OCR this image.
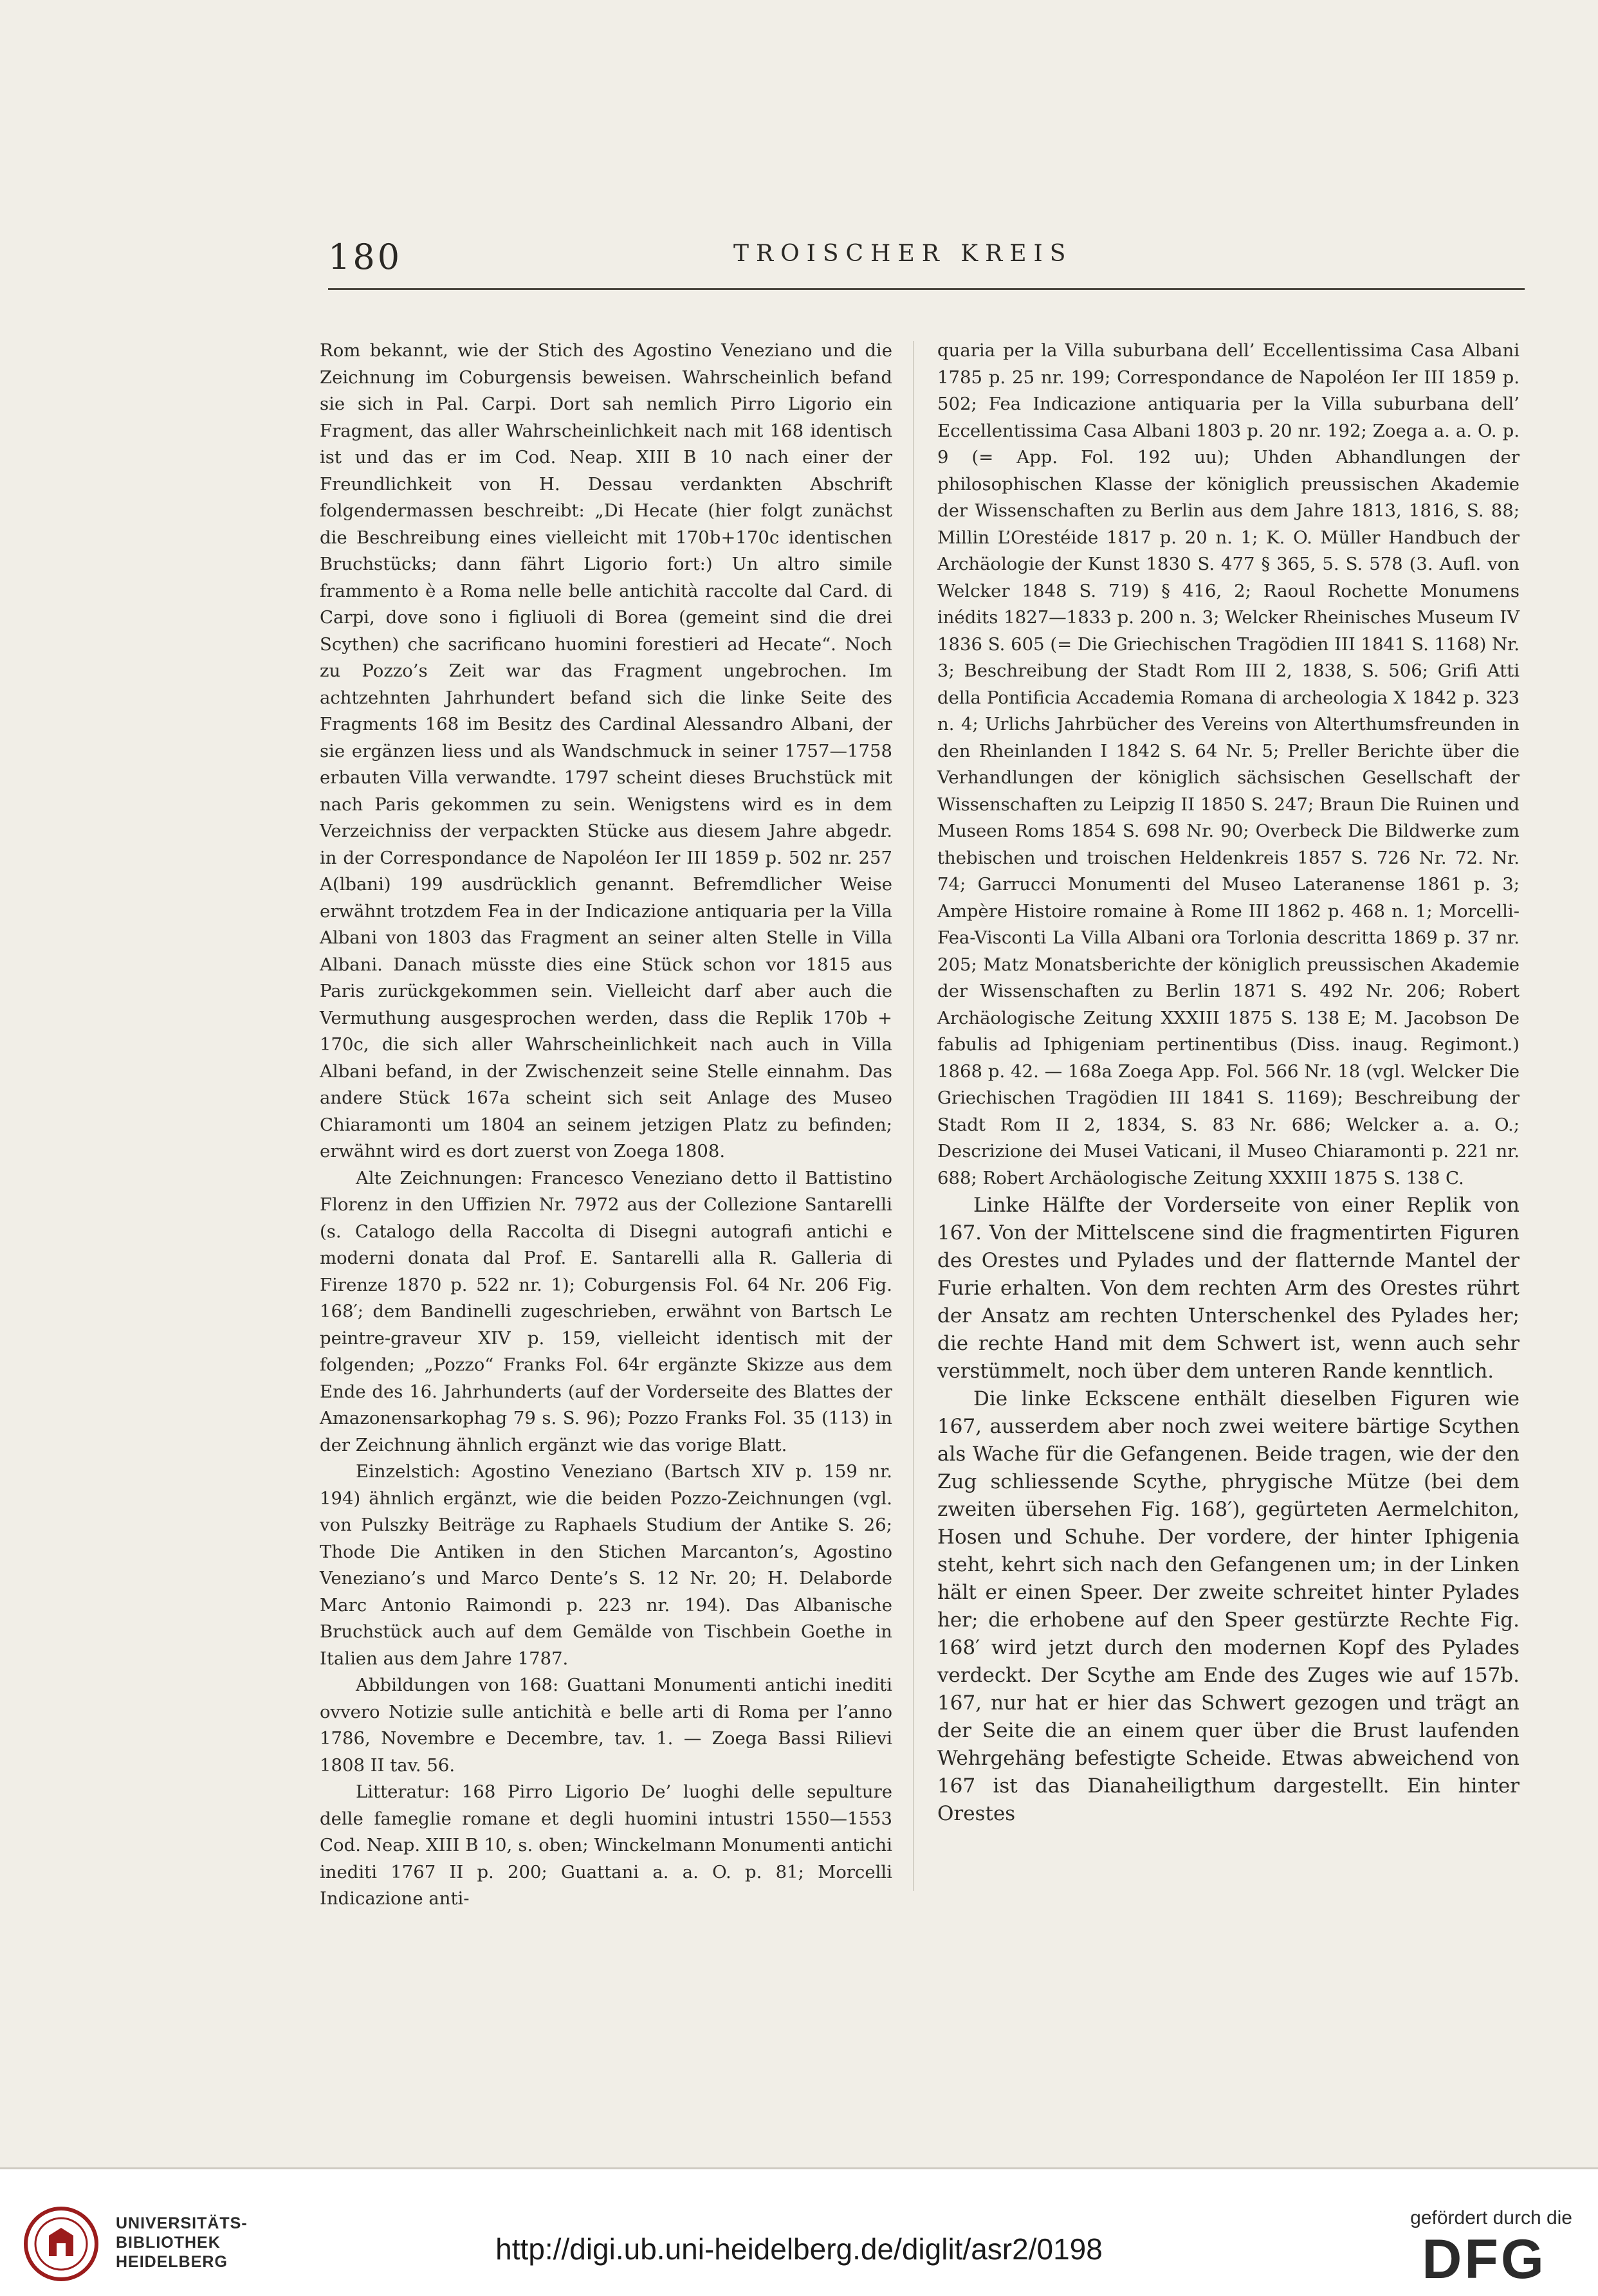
180	TROISCHER KREIS

Rom bekannt, wie der Stich des Agostino Veneziano und die Zeichnung im Coburgensis beweisen. Wahrscheinlich befand sie sich in Pal. Carpi. Dort sah nemlich Pirro Ligorio ein Fragment, das aller Wahrscheinlichkeit nach mit 168 identisch ist und das er im Cod. Neap. XIII B 10 nach einer der Freundlichkeit von H. Dessau verdankten Abschrift folgendermassen beschreibt: „Di Hecate (hier folgt zunächst die Beschreibung eines vielleicht mit 170b+170c identischen Bruchstücks; dann fährt Ligorio fort:) Un altro simile frammento è a Roma nelle belle antichità raccolte dal Card. di Carpi, dove sono i figliuoli di Borea (gemeint sind die drei Scythen) che sacrificano huomini forestieri ad Hecate“. Noch zu Pozzo’s Zeit war das Fragment ungebrochen. Im achtzehnten Jahrhundert befand sich die linke Seite des Fragments 168 im Besitz des Cardinal Alessandro Albani, der sie ergänzen liess und als Wandschmuck in seiner 1757—1758 erbauten Villa verwandte. 1797 scheint dieses Bruchstück mit nach Paris gekommen zu sein. Wenigstens wird es in dem Verzeichniss der verpackten Stücke aus diesem Jahre abgedr. in der Correspondance de Napoléon Ier III 1859 p. 502 nr. 257 A(lbani) 199 ausdrücklich genannt. Befremdlicher Weise erwähnt trotzdem Fea in der Indicazione antiquaria per la Villa Albani von 1803 das Fragment an seiner alten Stelle in Villa Albani. Danach müsste dies eine Stück schon vor 1815 aus Paris zurückgekommen sein. Vielleicht darf aber auch die Vermuthung ausgesprochen werden, dass die Replik 170b + 170c, die sich aller Wahrscheinlichkeit nach auch in Villa Albani befand, in der Zwischenzeit seine Stelle einnahm. Das andere Stück 167a scheint sich seit Anlage des Museo Chiaramonti um 1804 an seinem jetzigen Platz zu befinden; erwähnt wird es dort zuerst von Zoega 1808.

Alte Zeichnungen: Francesco Veneziano detto il Battistino Florenz in den Uffizien Nr. 7972 aus der Collezione Santarelli (s. Catalogo della Raccolta di Disegni autografi antichi e moderni donata dal Prof. E. Santarelli alla R. Galleria di Firenze 1870 p. 522 nr. 1); Coburgensis Fol. 64 Nr. 206 Fig. 168′; dem Bandinelli zugeschrieben, erwähnt von Bartsch Le peintre-graveur XIV p. 159, vielleicht identisch mit der folgenden; „Pozzo“ Franks Fol. 64r ergänzte Skizze aus dem Ende des 16. Jahrhunderts (auf der Vorderseite des Blattes der Amazonensarkophag 79 s. S. 96); Pozzo Franks Fol. 35 (113) in der Zeichnung ähnlich ergänzt wie das vorige Blatt.

Einzelstich: Agostino Veneziano (Bartsch XIV p. 159 nr. 194) ähnlich ergänzt, wie die beiden Pozzo-Zeichnungen (vgl. von Pulszky Beiträge zu Raphaels Studium der Antike S. 26; Thode Die Antiken in den Stichen Marcanton’s, Agostino Veneziano’s und Marco Dente’s S. 12 Nr. 20; H. Delaborde Marc Antonio Raimondi p. 223 nr. 194). Das Albanische Bruchstück auch auf dem Gemälde von Tischbein Goethe in Italien aus dem Jahre 1787.

Abbildungen von 168: Guattani Monumenti antichi inediti ovvero Notizie sulle antichità e belle arti di Roma per l’anno 1786, Novembre e Decembre, tav. 1. — Zoega Bassi Rilievi 1808 II tav. 56.

Litteratur: 168 Pirro Ligorio De’ luoghi delle sepulture delle fameglie romane et degli huomini intustri 1550—1553 Cod. Neap. XIII B 10, s. oben; Winckelmann Monumenti antichi inediti 1767 II p. 200; Guattani a. a. O. p. 81; Morcelli Indicazione anti-

quaria per la Villa suburbana dell’ Eccellentissima Casa Albani 1785 p. 25 nr. 199; Correspondance de Napoléon Ier III 1859 p. 502; Fea Indicazione antiquaria per la Villa suburbana dell’ Eccellentissima Casa Albani 1803 p. 20 nr. 192; Zoega a. a. O. p. 9 (= App. Fol. 192 uu); Uhden Abhandlungen der philosophischen Klasse der königlich preussischen Akademie der Wissenschaften zu Berlin aus dem Jahre 1813, 1816, S. 88; Millin L’Orestéide 1817 p. 20 n. 1; K. O. Müller Handbuch der Archäologie der Kunst 1830 S. 477 § 365, 5. S. 578 (3. Aufl. von Welcker 1848 S. 719) § 416, 2; Raoul Rochette Monumens inédits 1827—1833 p. 200 n. 3; Welcker Rheinisches Museum IV 1836 S. 605 (= Die Griechischen Tragödien III 1841 S. 1168) Nr. 3; Beschreibung der Stadt Rom III 2, 1838, S. 506; Grifi Atti della Pontificia Accademia Romana di archeologia X 1842 p. 323 n. 4; Urlichs Jahrbücher des Vereins von Alterthumsfreunden in den Rheinlanden I 1842 S. 64 Nr. 5; Preller Berichte über die Verhandlungen der königlich sächsischen Gesellschaft der Wissenschaften zu Leipzig II 1850 S. 247; Braun Die Ruinen und Museen Roms 1854 S. 698 Nr. 90; Overbeck Die Bildwerke zum thebischen und troischen Heldenkreis 1857 S. 726 Nr. 72. Nr. 74; Garrucci Monumenti del Museo Lateranense 1861 p. 3; Ampère Histoire romaine à Rome III 1862 p. 468 n. 1; Morcelli-Fea-Visconti La Villa Albani ora Torlonia descritta 1869 p. 37 nr. 205; Matz Monatsberichte der königlich preussischen Akademie der Wissenschaften zu Berlin 1871 S. 492 Nr. 206; Robert Archäologische Zeitung XXXIII 1875 S. 138 E; M. Jacobson De fabulis ad Iphigeniam pertinentibus (Diss. inaug. Regimont.) 1868 p. 42. — 168a Zoega App. Fol. 566 Nr. 18 (vgl. Welcker Die Griechischen Tragödien III 1841 S. 1169); Beschreibung der Stadt Rom II 2, 1834, S. 83 Nr. 686; Welcker a. a. O.; Descrizione dei Musei Vaticani, il Museo Chiaramonti p. 221 nr. 688; Robert Archäologische Zeitung XXXIII 1875 S. 138 C.

Linke Hälfte der Vorderseite von einer Replik von 167. Von der Mittelscene sind die fragmentirten Figuren des Orestes und Pylades und der flatternde Mantel der Furie erhalten. Von dem rechten Arm des Orestes rührt der Ansatz am rechten Unterschenkel des Pylades her; die rechte Hand mit dem Schwert ist, wenn auch sehr verstümmelt, noch über dem unteren Rande kenntlich.

Die linke Eckscene enthält dieselben Figuren wie 167, ausserdem aber noch zwei weitere bärtige Scythen als Wache für die Gefangenen. Beide tragen, wie der den Zug schliessende Scythe, phrygische Mütze (bei dem zweiten übersehen Fig. 168′), gegürteten Aermelchiton, Hosen und Schuhe. Der vordere, der hinter Iphigenia steht, kehrt sich nach den Gefangenen um; in der Linken hält er einen Speer. Der zweite schreitet hinter Pylades her; die erhobene auf den Speer gestürzte Rechte Fig. 168′ wird jetzt durch den modernen Kopf des Pylades verdeckt. Der Scythe am Ende des Zuges wie auf 157b. 167, nur hat er hier das Schwert gezogen und trägt an der Seite die an einem quer über die Brust laufenden Wehrgehäng befestigte Scheide. Etwas abweichend von 167 ist das Dianaheiligthum dargestellt. Ein hinter Orestes

UNIVERSITÄTS-
BIBLIOTHEK
HEIDELBERG	http://digi.ub.uni-heidelberg.de/diglit/asr2/0198
gefördert durch die
DFG
